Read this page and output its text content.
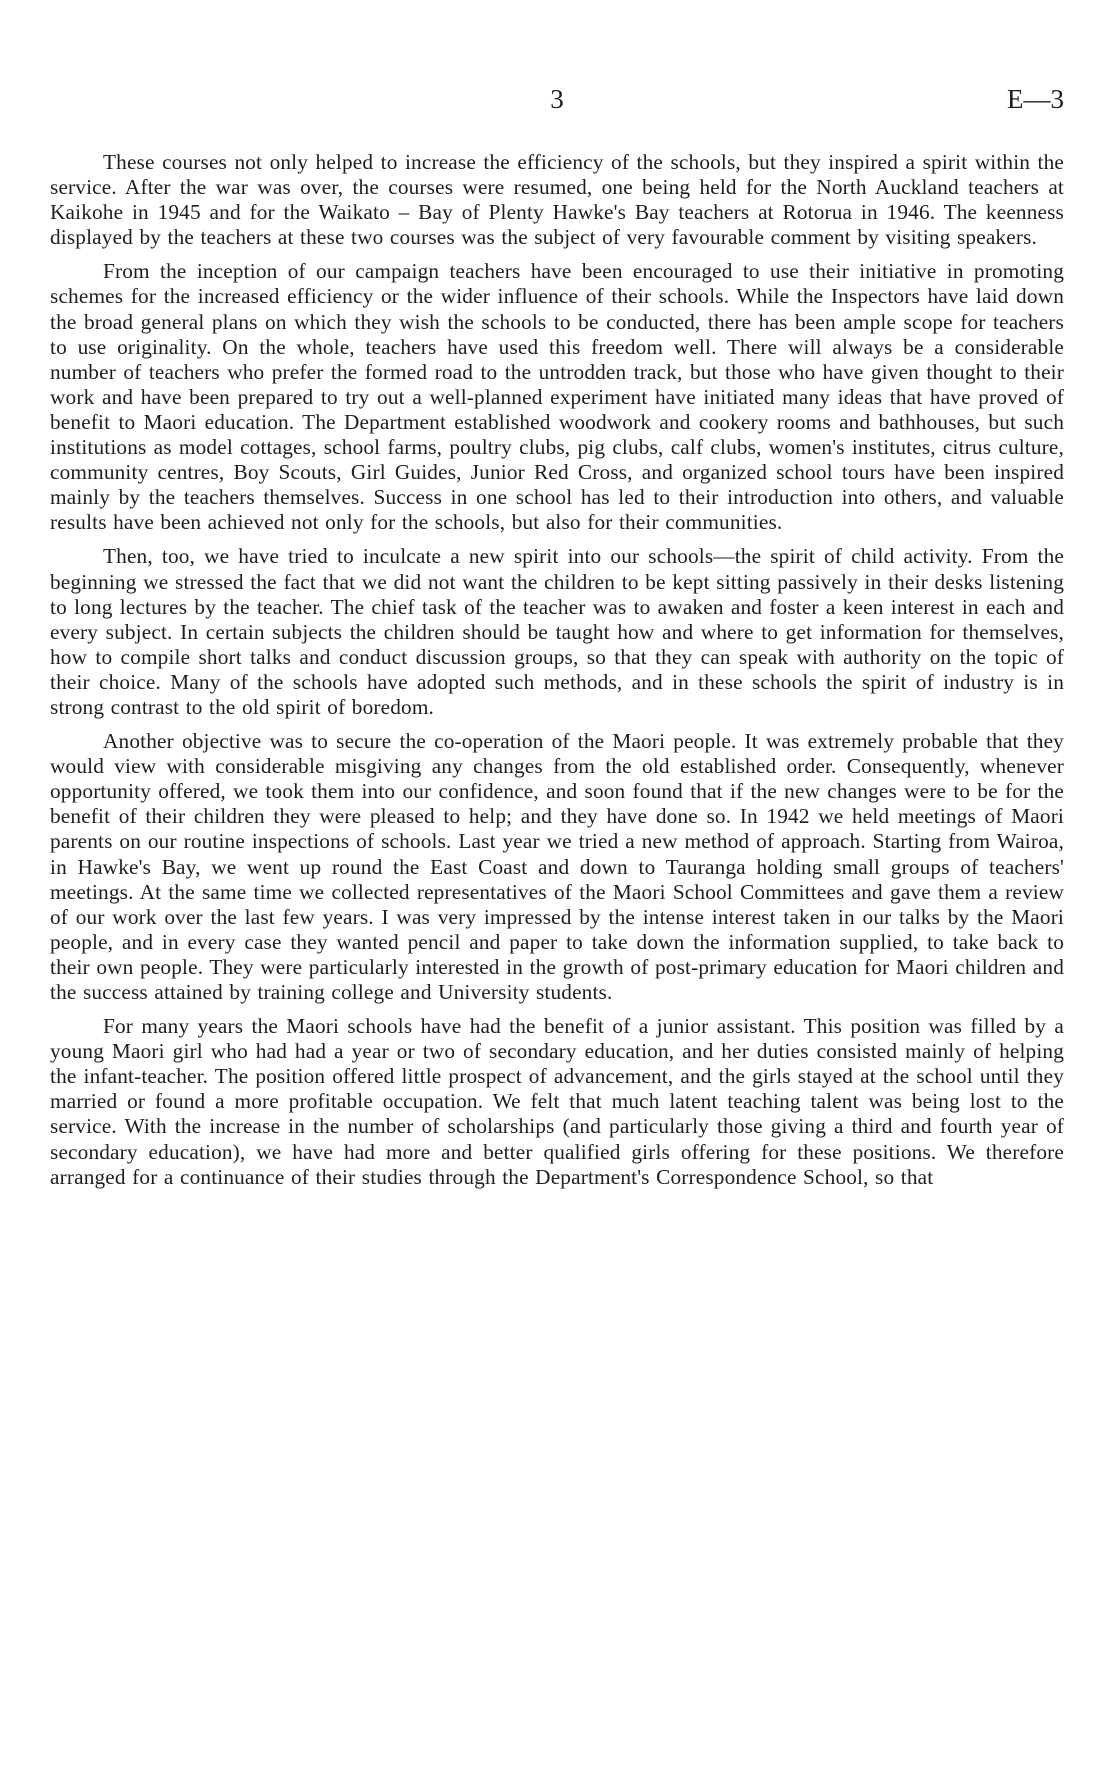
3	E—3

These courses not only helped to increase the efficiency of the schools, but they inspired a spirit within the service. After the war was over, the courses were resumed, one being held for the North Auckland teachers at Kaikohe in 1945 and for the Waikato – Bay of Plenty Hawke's Bay teachers at Rotorua in 1946. The keenness displayed by the teachers at these two courses was the subject of very favourable comment by visiting speakers.

From the inception of our campaign teachers have been encouraged to use their initiative in promoting schemes for the increased efficiency or the wider influence of their schools. While the Inspectors have laid down the broad general plans on which they wish the schools to be conducted, there has been ample scope for teachers to use originality. On the whole, teachers have used this freedom well. There will always be a considerable number of teachers who prefer the formed road to the untrodden track, but those who have given thought to their work and have been prepared to try out a well-planned experiment have initiated many ideas that have proved of benefit to Maori education. The Department established woodwork and cookery rooms and bathhouses, but such institutions as model cottages, school farms, poultry clubs, pig clubs, calf clubs, women's institutes, citrus culture, community centres, Boy Scouts, Girl Guides, Junior Red Cross, and organized school tours have been inspired mainly by the teachers themselves. Success in one school has led to their introduction into others, and valuable results have been achieved not only for the schools, but also for their communities.

Then, too, we have tried to inculcate a new spirit into our schools—the spirit of child activity. From the beginning we stressed the fact that we did not want the children to be kept sitting passively in their desks listening to long lectures by the teacher. The chief task of the teacher was to awaken and foster a keen interest in each and every subject. In certain subjects the children should be taught how and where to get information for themselves, how to compile short talks and conduct discussion groups, so that they can speak with authority on the topic of their choice. Many of the schools have adopted such methods, and in these schools the spirit of industry is in strong contrast to the old spirit of boredom.

Another objective was to secure the co-operation of the Maori people. It was extremely probable that they would view with considerable misgiving any changes from the old established order. Consequently, whenever opportunity offered, we took them into our confidence, and soon found that if the new changes were to be for the benefit of their children they were pleased to help; and they have done so. In 1942 we held meetings of Maori parents on our routine inspections of schools. Last year we tried a new method of approach. Starting from Wairoa, in Hawke's Bay, we went up round the East Coast and down to Tauranga holding small groups of teachers' meetings. At the same time we collected representatives of the Maori School Committees and gave them a review of our work over the last few years. I was very impressed by the intense interest taken in our talks by the Maori people, and in every case they wanted pencil and paper to take down the information supplied, to take back to their own people. They were particularly interested in the growth of post-primary education for Maori children and the success attained by training college and University students.

For many years the Maori schools have had the benefit of a junior assistant. This position was filled by a young Maori girl who had had a year or two of secondary education, and her duties consisted mainly of helping the infant-teacher. The position offered little prospect of advancement, and the girls stayed at the school until they married or found a more profitable occupation. We felt that much latent teaching talent was being lost to the service. With the increase in the number of scholarships (and particularly those giving a third and fourth year of secondary education), we have had more and better qualified girls offering for these positions. We therefore arranged for a continuance of their studies through the Department's Correspondence School, so that
